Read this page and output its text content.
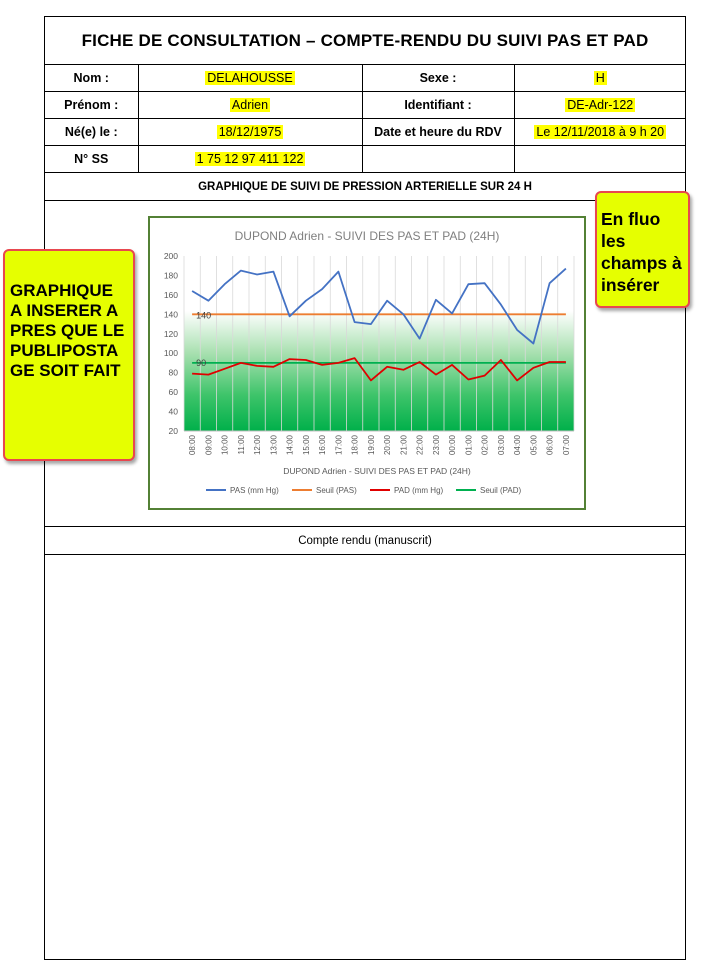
FICHE DE CONSULTATION – COMPTE-RENDU DU SUIVI PAS ET PAD
Nom :	DELAHOUSSE	Sexe :	H
Prénom :	Adrien	Identifiant :	DE-Adr-122
Né(e) le :	18/12/1975	Date et heure du RDV	Le 12/11/2018 à 9 h 20
N° SS	1 75 12 97 411 122		
GRAPHIQUE DE SUIVI DE PRESSION ARTERIELLE SUR 24 H
DUPOND Adrien - SUIVI DES PAS ET PAD (24H)
20
40
60
80
100
120
140
160
180
200
08:00 09:00 10:00 11:00 12:00 13:00 14:00 15:00 16:00 17:00 18:00 19:00 20:00 21:00 22:00 23:00 00:00 01:00 02:00 03:00 04:00 05:00 06:00 07:00
140
90
DUPOND Adrien - SUIVI DES PAS ET PAD (24H)
PAS (mm Hg)	Seuil (PAS)	PAD (mm Hg)	Seuil (PAD)
Compte rendu (manuscrit)
GRAPHIQUE A INSERER APRES QUE LE PUBLIPOSTAGE SOIT FAIT
En fluo les champs à insérer
